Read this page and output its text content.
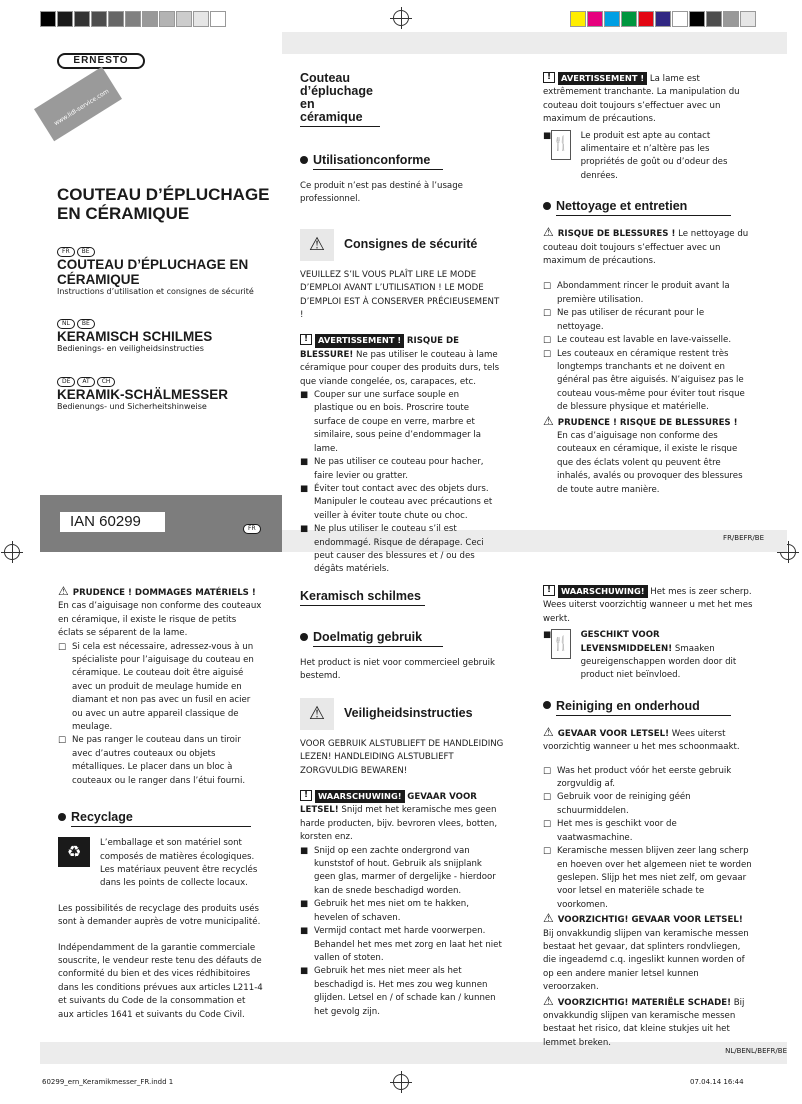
ERNESTO
www.lidl-service.com
COUTEAU D’ÉPLUCHAGE EN CÉRAMIQUE
FR BE
COUTEAU D’ÉPLUCHAGE EN CÉRAMIQUE
Instructions d’utilisation et consignes de sécurité
NL BE
KERAMISCH SCHILMES
Bedienings- en veiligheidsinstructies
DE AT CH
KERAMIK-SCHÄLMESSER
Bedienungs- und Sicherheitshinweise
IAN 60299	FR
Couteau d’épluchage en céramique
Utilisationconforme
Ce produit n’est pas destiné à l’usage professionnel.
⚠	Consignes de sécurité
VEUILLEZ S’IL VOUS PLAÎT LIRE LE MODE D’EMPLOI AVANT L’UTILISATION ! LE MODE D’EMPLOI EST À CONSERVER PRÉCIEUSEMENT !
!AVERTISSEMENT ! RISQUE DE BLESSURE! Ne pas utiliser le couteau à lame céramique pour couper des produits durs, tels que viande congelée, os, carapaces, etc.
■ Couper sur une surface souple en plastique ou en bois. Proscrire toute surface de coupe en verre, marbre et similaire, sous peine d’endommager la lame.
■ Ne pas utiliser ce couteau pour hacher, faire levier ou gratter.
■ Éviter tout contact avec des objets durs. Manipuler le couteau avec précautions et veiller à éviter toute chute ou choc.
■ Ne plus utiliser le couteau s’il est endommagé. Risque de dérapage. Ceci peut causer des blessures et / ou des dégâts matériels.
!AVERTISSEMENT ! La lame est extrêmement tranchante. La manipulation du couteau doit toujours s’effectuer avec un maximum de précautions.
■
🍴
Le produit est apte au contact alimentaire et n’altère pas les propriétés de goût ou d’odeur des denrées.
Nettoyage et entretien
⚠ RISQUE DE BLESSURES ! Le nettoyage du couteau doit toujours s’effectuer avec un maximum de précautions.
□ Abondamment rincer le produit avant la première utilisation.
□ Ne pas utiliser de récurant pour le nettoyage.
□ Le couteau est lavable en lave-vaisselle.
□ Les couteaux en céramique restent très longtemps tranchants et ne doivent en général pas être aiguisés. N’aiguisez pas le couteau vous-même pour éviter tout risque de blessure physique et matérielle.
⚠ PRUDENCE ! RISQUE DE BLESSURES !
En cas d’aiguisage non conforme des couteaux en céramique, il existe le risque que des éclats volent qu peuvent être inhalés, avalés ou provoquer des blessures de toute autre manière.
FR/BEFR/BE
⚠ PRUDENCE ! DOMMAGES MATÉRIELS ! En cas d’aiguisage non conforme des couteaux en céramique, il existe le risque de petits éclats se séparent de la lame.
□ Si cela est nécessaire, adressez-vous à un spécialiste pour l’aiguisage du couteau en céramique. Le couteau doit être aiguisé avec un produit de meulage humide en diamant et non pas avec un fusil en acier ou avec un autre appareil classique de meulage.
□ Ne pas ranger le couteau dans un tiroir avec d’autres couteaux ou objets métalliques. Le placer dans un bloc à couteaux ou le ranger dans l’étui fourni.
Recyclage
♻	L’emballage et son matériel sont composés de matières écologiques. Les matériaux peuvent être recyclés dans les points de collecte locaux.
Les possibilités de recyclage des produits usés sont à demander auprès de votre municipalité.
Indépendamment de la garantie commerciale souscrite, le vendeur reste tenu des défauts de conformité du bien et des vices rédhibitoires dans les conditions prévues aux articles L211-4 et suivants du Code de la consommation et aux articles 1641 et suivants du Code Civil.
Keramisch schilmes
Doelmatig gebruik
Het product is niet voor commercieel gebruik bestemd.
⚠	Veiligheidsinstructies
VOOR GEBRUIK ALSTUBLIEFT DE HANDLEIDING LEZEN! HANDLEIDING ALSTUBLIEFT ZORGVULDIG BEWAREN!
!WAARSCHUWING! GEVAAR VOOR LETSEL! Snijd met het keramische mes geen harde producten, bijv. bevroren vlees, botten, korsten enz.
■ Snijd op een zachte ondergrond van kunststof of hout. Gebruik als snijplank geen glas, marmer of dergelijke - hierdoor kan de snede beschadigd worden.
■ Gebruik het mes niet om te hakken, hevelen of schaven.
■ Vermijd contact met harde voorwerpen. Behandel het mes met zorg en laat het niet vallen of stoten.
■ Gebruik het mes niet meer als het beschadigd is. Het mes zou weg kunnen glijden. Letsel en / of schade kan / kunnen het gevolg zijn.
!WAARSCHUWING! Het mes is zeer scherp. Wees uiterst voorzichtig wanneer u met het mes werkt.
■
🍴
GESCHIKT VOOR LEVENSMIDDELEN! Smaaken geureigenschappen worden door dit product niet beïnvloed.
Reiniging en onderhoud
⚠ GEVAAR VOOR LETSEL! Wees uiterst voorzichtig wanneer u het mes schoonmaakt.
□ Was het product vóór het eerste gebruik zorgvuldig af.
□ Gebruik voor de reiniging géén schuurmiddelen.
□ Het mes is geschikt voor de vaatwasmachine.
□ Keramische messen blijven zeer lang scherp en hoeven over het algemeen niet te worden geslepen. Slijp het mes niet zelf, om gevaar voor letsel en materiële schade te voorkomen.
⚠ VOORZICHTIG! GEVAAR VOOR LETSEL! Bij onvakkundig slijpen van keramische messen bestaat het gevaar, dat splinters rondvliegen, die ingeademd c.q. ingeslikt kunnen worden of op een andere manier letsel kunnen veroorzaken.
⚠ VOORZICHTIG! MATERIËLE SCHADE! Bij onvakkundig slijpen van keramische messen bestaat het risico, dat kleine stukjes uit het lemmet breken.
NL/BENL/BEFR/BE
60299_ern_Keramikmesser_FR.indd 1	07.04.14 16:44
